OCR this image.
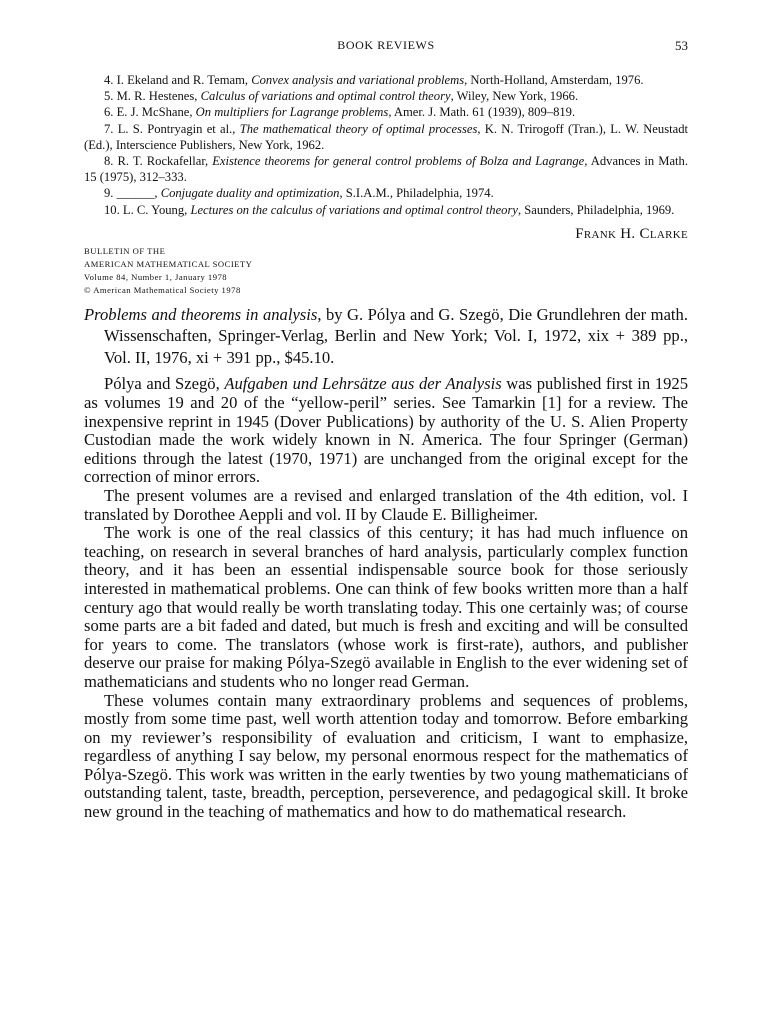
BOOK REVIEWS	53

4. I. Ekeland and R. Temam, Convex analysis and variational problems, North-Holland, Amsterdam, 1976.

5. M. R. Hestenes, Calculus of variations and optimal control theory, Wiley, New York, 1966.

6. E. J. McShane, On multipliers for Lagrange problems, Amer. J. Math. 61 (1939), 809–819.

7. L. S. Pontryagin et al., The mathematical theory of optimal processes, K. N. Trirogoff (Tran.), L. W. Neustadt (Ed.), Interscience Publishers, New York, 1962.

8. R. T. Rockafellar, Existence theorems for general control problems of Bolza and Lagrange, Advances in Math. 15 (1975), 312–333.

9. ______, Conjugate duality and optimization, S.I.A.M., Philadelphia, 1974.

10. L. C. Young, Lectures on the calculus of variations and optimal control theory, Saunders, Philadelphia, 1969.

Frank H. Clarke
BULLETIN OF THE
AMERICAN MATHEMATICAL SOCIETY
Volume 84, Number 1, January 1978
© American Mathematical Society 1978
Problems and theorems in analysis, by G. Pólya and G. Szegö, Die Grundlehren der math. Wissenschaften, Springer-Verlag, Berlin and New York; Vol. I, 1972, xix + 389 pp., Vol. II, 1976, xi + 391 pp., $45.10.

Pólya and Szegö, Aufgaben und Lehrsätze aus der Analysis was published first in 1925 as volumes 19 and 20 of the “yellow-peril” series. See Tamarkin [1] for a review. The inexpensive reprint in 1945 (Dover Publications) by authority of the U. S. Alien Property Custodian made the work widely known in N. America. The four Springer (German) editions through the latest (1970, 1971) are unchanged from the original except for the correction of minor errors.

The present volumes are a revised and enlarged translation of the 4th edition, vol. I translated by Dorothee Aeppli and vol. II by Claude E. Billigheimer.

The work is one of the real classics of this century; it has had much influence on teaching, on research in several branches of hard analysis, particularly complex function theory, and it has been an essential indispensable source book for those seriously interested in mathematical problems. One can think of few books written more than a half century ago that would really be worth translating today. This one certainly was; of course some parts are a bit faded and dated, but much is fresh and exciting and will be consulted for years to come. The translators (whose work is first-rate), authors, and publisher deserve our praise for making Pólya-Szegö available in English to the ever widening set of mathematicians and students who no longer read German.

These volumes contain many extraordinary problems and sequences of problems, mostly from some time past, well worth attention today and tomorrow. Before embarking on my reviewer’s responsibility of evaluation and criticism, I want to emphasize, regardless of anything I say below, my personal enormous respect for the mathematics of Pólya-Szegö. This work was written in the early twenties by two young mathematicians of outstanding talent, taste, breadth, perception, perseverence, and pedagogical skill. It broke new ground in the teaching of mathematics and how to do mathematical research.
